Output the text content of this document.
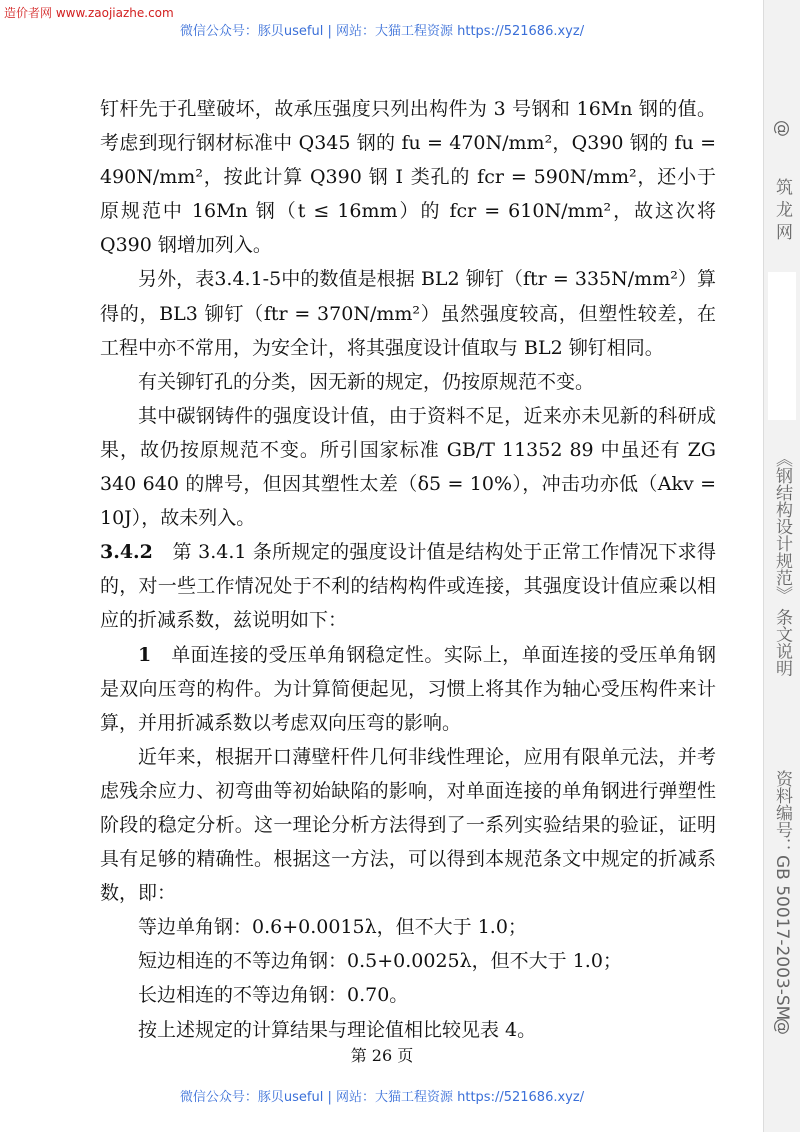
造价者网 www.zaojiazhe.com
微信公众号：豚贝useful | 网站：大猫工程资源 https://521686.xyz/
@
筑 龙 网
《钢结构设计规范》 条文说明
资料编号：GB 50017-2003-SM
@

钉杆先于孔壁破坏，故承压强度只列出构件为 3 号钢和 16Mn 钢的值。考虑到现行钢材标准中 Q345 钢的 fu = 470N/mm²，Q390 钢的 fu = 490N/mm²，按此计算 Q390 钢 Ⅰ 类孔的 fcr = 590N/mm²，还小于原规范中 16Mn 钢（t ≤ 16mm）的 fcr = 610N/mm²，故这次将 Q390 钢增加列入。

另外，表3.4.1-5中的数值是根据 BL2 铆钉（ftr = 335N/mm²）算得的，BL3 铆钉（ftr = 370N/mm²）虽然强度较高，但塑性较差，在工程中亦不常用，为安全计，将其强度设计值取与 BL2 铆钉相同。

有关铆钉孔的分类，因无新的规定，仍按原规范不变。

其中碳钢铸件的强度设计值，由于资料不足，近来亦未见新的科研成果，故仍按原规范不变。所引国家标准 GB/T 11352 89 中虽还有 ZG 340 640 的牌号，但因其塑性太差（δ5 = 10%），冲击功亦低（Akv = 10J），故未列入。

3.4.2　 第 3.4.1 条所规定的强度设计值是结构处于正常工作情况下求得的，对一些工作情况处于不利的结构构件或连接，其强度设计值应乘以相应的折减系数，兹说明如下：

1　 单面连接的受压单角钢稳定性。实际上，单面连接的受压单角钢是双向压弯的构件。为计算简便起见，习惯上将其作为轴心受压构件来计算，并用折减系数以考虑双向压弯的影响。

近年来，根据开口薄壁杆件几何非线性理论，应用有限单元法，并考虑残余应力、初弯曲等初始缺陷的影响，对单面连接的单角钢进行弹塑性阶段的稳定分析。这一理论分析方法得到了一系列实验结果的验证，证明具有足够的精确性。根据这一方法，可以得到本规范条文中规定的折减系数，即：

等边单角钢：0.6+0.0015λ，但不大于 1.0；

短边相连的不等边角钢：0.5+0.0025λ，但不大于 1.0；

长边相连的不等边角钢：0.70。

按上述规定的计算结果与理论值相比较见表 4。

第 26 页
微信公众号：豚贝useful | 网站：大猫工程资源 https://521686.xyz/
